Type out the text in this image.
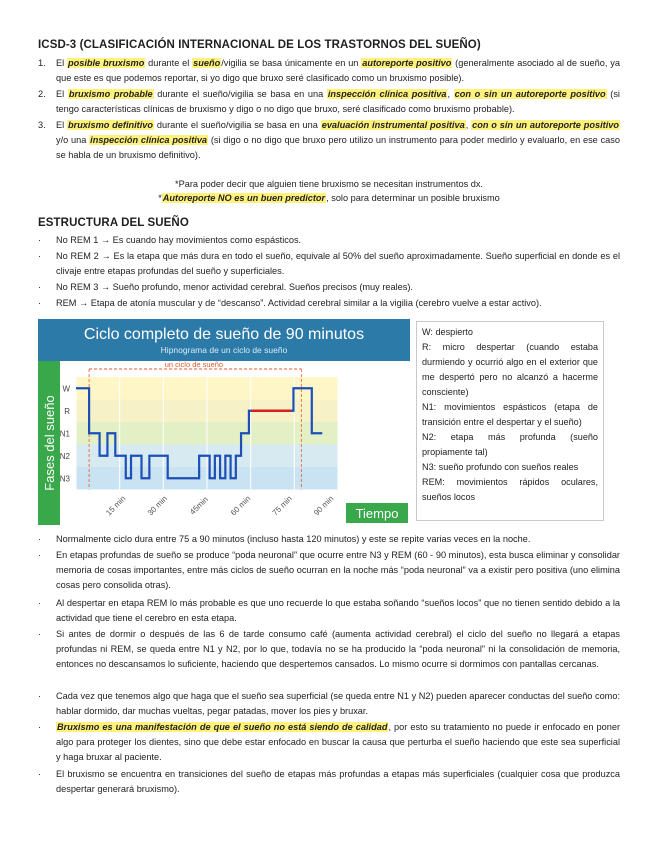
ICSD-3 (CLASIFICACIÓN INTERNACIONAL DE LOS TRASTORNOS DEL SUEÑO)
1. El posible bruxismo durante el sueño/vigilia se basa únicamente en un autoreporte positivo (generalmente asociado al de sueño, ya que este es que podemos reportar, si yo digo que bruxo seré clasificado como un bruxismo posible).
2. El bruxismo probable durante el sueño/vigilia se basa en una inspección clínica positiva, con o sin un autoreporte positivo (si tengo características clínicas de bruxismo y digo o no digo que bruxo, seré clasificado como bruxismo probable).
3. El bruxismo definitivo durante el sueño/vigilia se basa en una evaluación instrumental positiva, con o sin un autoreporte positivo y/o una inspección clínica positiva (si digo o no digo que bruxo pero utilizo un instrumento para poder medirlo y evaluarlo, en ese caso se habla de un bruxismo definitivo).
*Para poder decir que alguien tiene bruxismo se necesitan instrumentos dx.
*Autoreporte NO es un buen predictor, solo para determinar un posible bruxismo
ESTRUCTURA DEL SUEÑO
· No REM 1 → Es cuando hay movimientos como espásticos.
· No REM 2 → Es la etapa que más dura en todo el sueño, equivale al 50% del sueño aproximadamente. Sueño superficial en donde es el clivaje entre etapas profundas del sueño y superficiales.
· No REM 3 → Sueño profundo, menor actividad cerebral. Sueños precisos (muy reales).
· REM → Etapa de atonía muscular y de “descanso”. Actividad cerebral similar a la vigilia (cerebro vuelve a estar activo).
Ciclo completo de sueño de 90 minutos
Hipnograma de un ciclo de sueño
Fases del sueño
Tiempo
W
R
N1
N2
N3
15 min 30 min 45min 60 min 75 min 90 min
un ciclo de sueño
W: despierto
R: micro despertar (cuando estaba durmiendo y ocurrió algo en el exterior que me despertó pero no alcanzó a hacerme consciente)
N1: movimientos espásticos (etapa de transición entre el despertar y el sueño)
N2: etapa más profunda (sueño propiamente tal)
N3: sueño profundo con sueños reales
REM: movimientos rápidos oculares, sueños locos
· Normalmente ciclo dura entre 75 a 90 minutos (incluso hasta 120 minutos) y este se repite varias veces en la noche.
· En etapas profundas de sueño se produce “poda neuronal” que ocurre entre N3 y REM (60 - 90 minutos), esta busca eliminar y consolidar memoria de cosas importantes, entre más ciclos de sueño ocurran en la noche más “poda neuronal” va a existir pero positiva (uno elimina cosas pero consolida otras).
· Al despertar en etapa REM lo más probable es que uno recuerde lo que estaba soñando “sueños locos” que no tienen sentido debido a la actividad que tiene el cerebro en esta etapa.
· Si antes de dormir o después de las 6 de tarde consumo café (aumenta actividad cerebral) el ciclo del sueño no llegará a etapas profundas ni REM, se queda entre N1 y N2, por lo que, todavía no se ha producido la “poda neuronal” ni la consolidación de memoria, entonces no descansamos lo suficiente, haciendo que despertemos cansados. Lo mismo ocurre si dormimos con pantallas cercanas.
· Cada vez que tenemos algo que haga que el sueño sea superficial (se queda entre N1 y N2) pueden aparecer conductas del sueño como: hablar dormido, dar muchas vueltas, pegar patadas, mover los pies y bruxar.
· Bruxismo es una manifestación de que el sueño no está siendo de calidad, por esto su tratamiento no puede ir enfocado en poner algo para proteger los dientes, sino que debe estar enfocado en buscar la causa que perturba el sueño haciendo que este sea superficial y haga bruxar al paciente.
· El bruxismo se encuentra en transiciones del sueño de etapas más profundas a etapas más superficiales (cualquier cosa que produzca despertar generará bruxismo).
